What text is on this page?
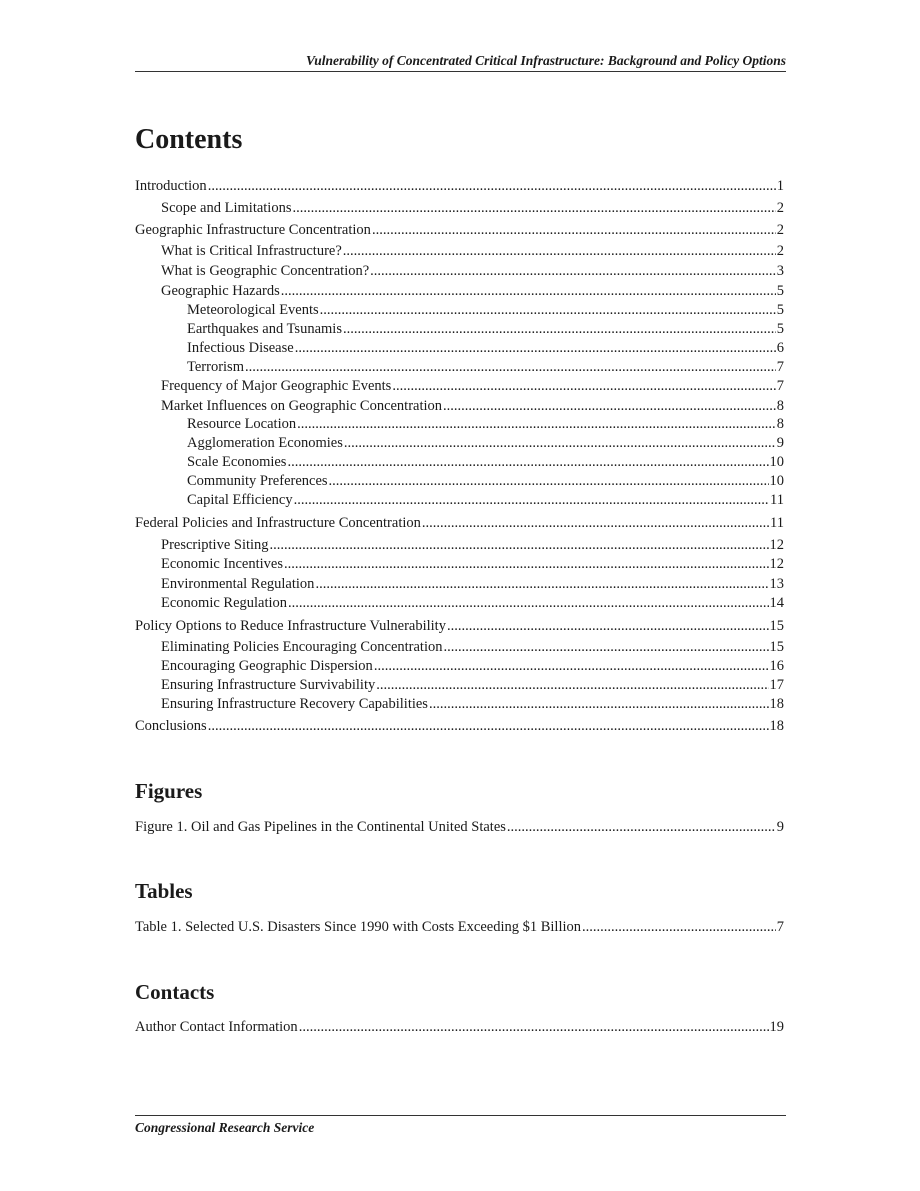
Vulnerability of Concentrated Critical Infrastructure: Background and Policy Options
Contents
Introduction .....	1
Scope and Limitations .....	2
Geographic Infrastructure Concentration .....	2
What is Critical Infrastructure? .....	2
What is Geographic Concentration? .....	3
Geographic Hazards .....	5
Meteorological Events .....	5
Earthquakes and Tsunamis .....	5
Infectious Disease .....	6
Terrorism .....	7
Frequency of Major Geographic Events .....	7
Market Influences on Geographic Concentration .....	8
Resource Location .....	8
Agglomeration Economies .....	9
Scale Economies .....	10
Community Preferences .....	10
Capital Efficiency .....	11
Federal Policies and Infrastructure Concentration .....	11
Prescriptive Siting .....	12
Economic Incentives .....	12
Environmental Regulation .....	13
Economic Regulation .....	14
Policy Options to Reduce Infrastructure Vulnerability .....	15
Eliminating Policies Encouraging Concentration .....	15
Encouraging Geographic Dispersion .....	16
Ensuring Infrastructure Survivability .....	17
Ensuring Infrastructure Recovery Capabilities .....	18
Conclusions .....	18
Figures
Figure 1. Oil and Gas Pipelines in the Continental United States .....	9
Tables
Table 1. Selected U.S. Disasters Since 1990 with Costs Exceeding $1 Billion .....	7
Contacts
Author Contact Information .....	19
Congressional Research Service
